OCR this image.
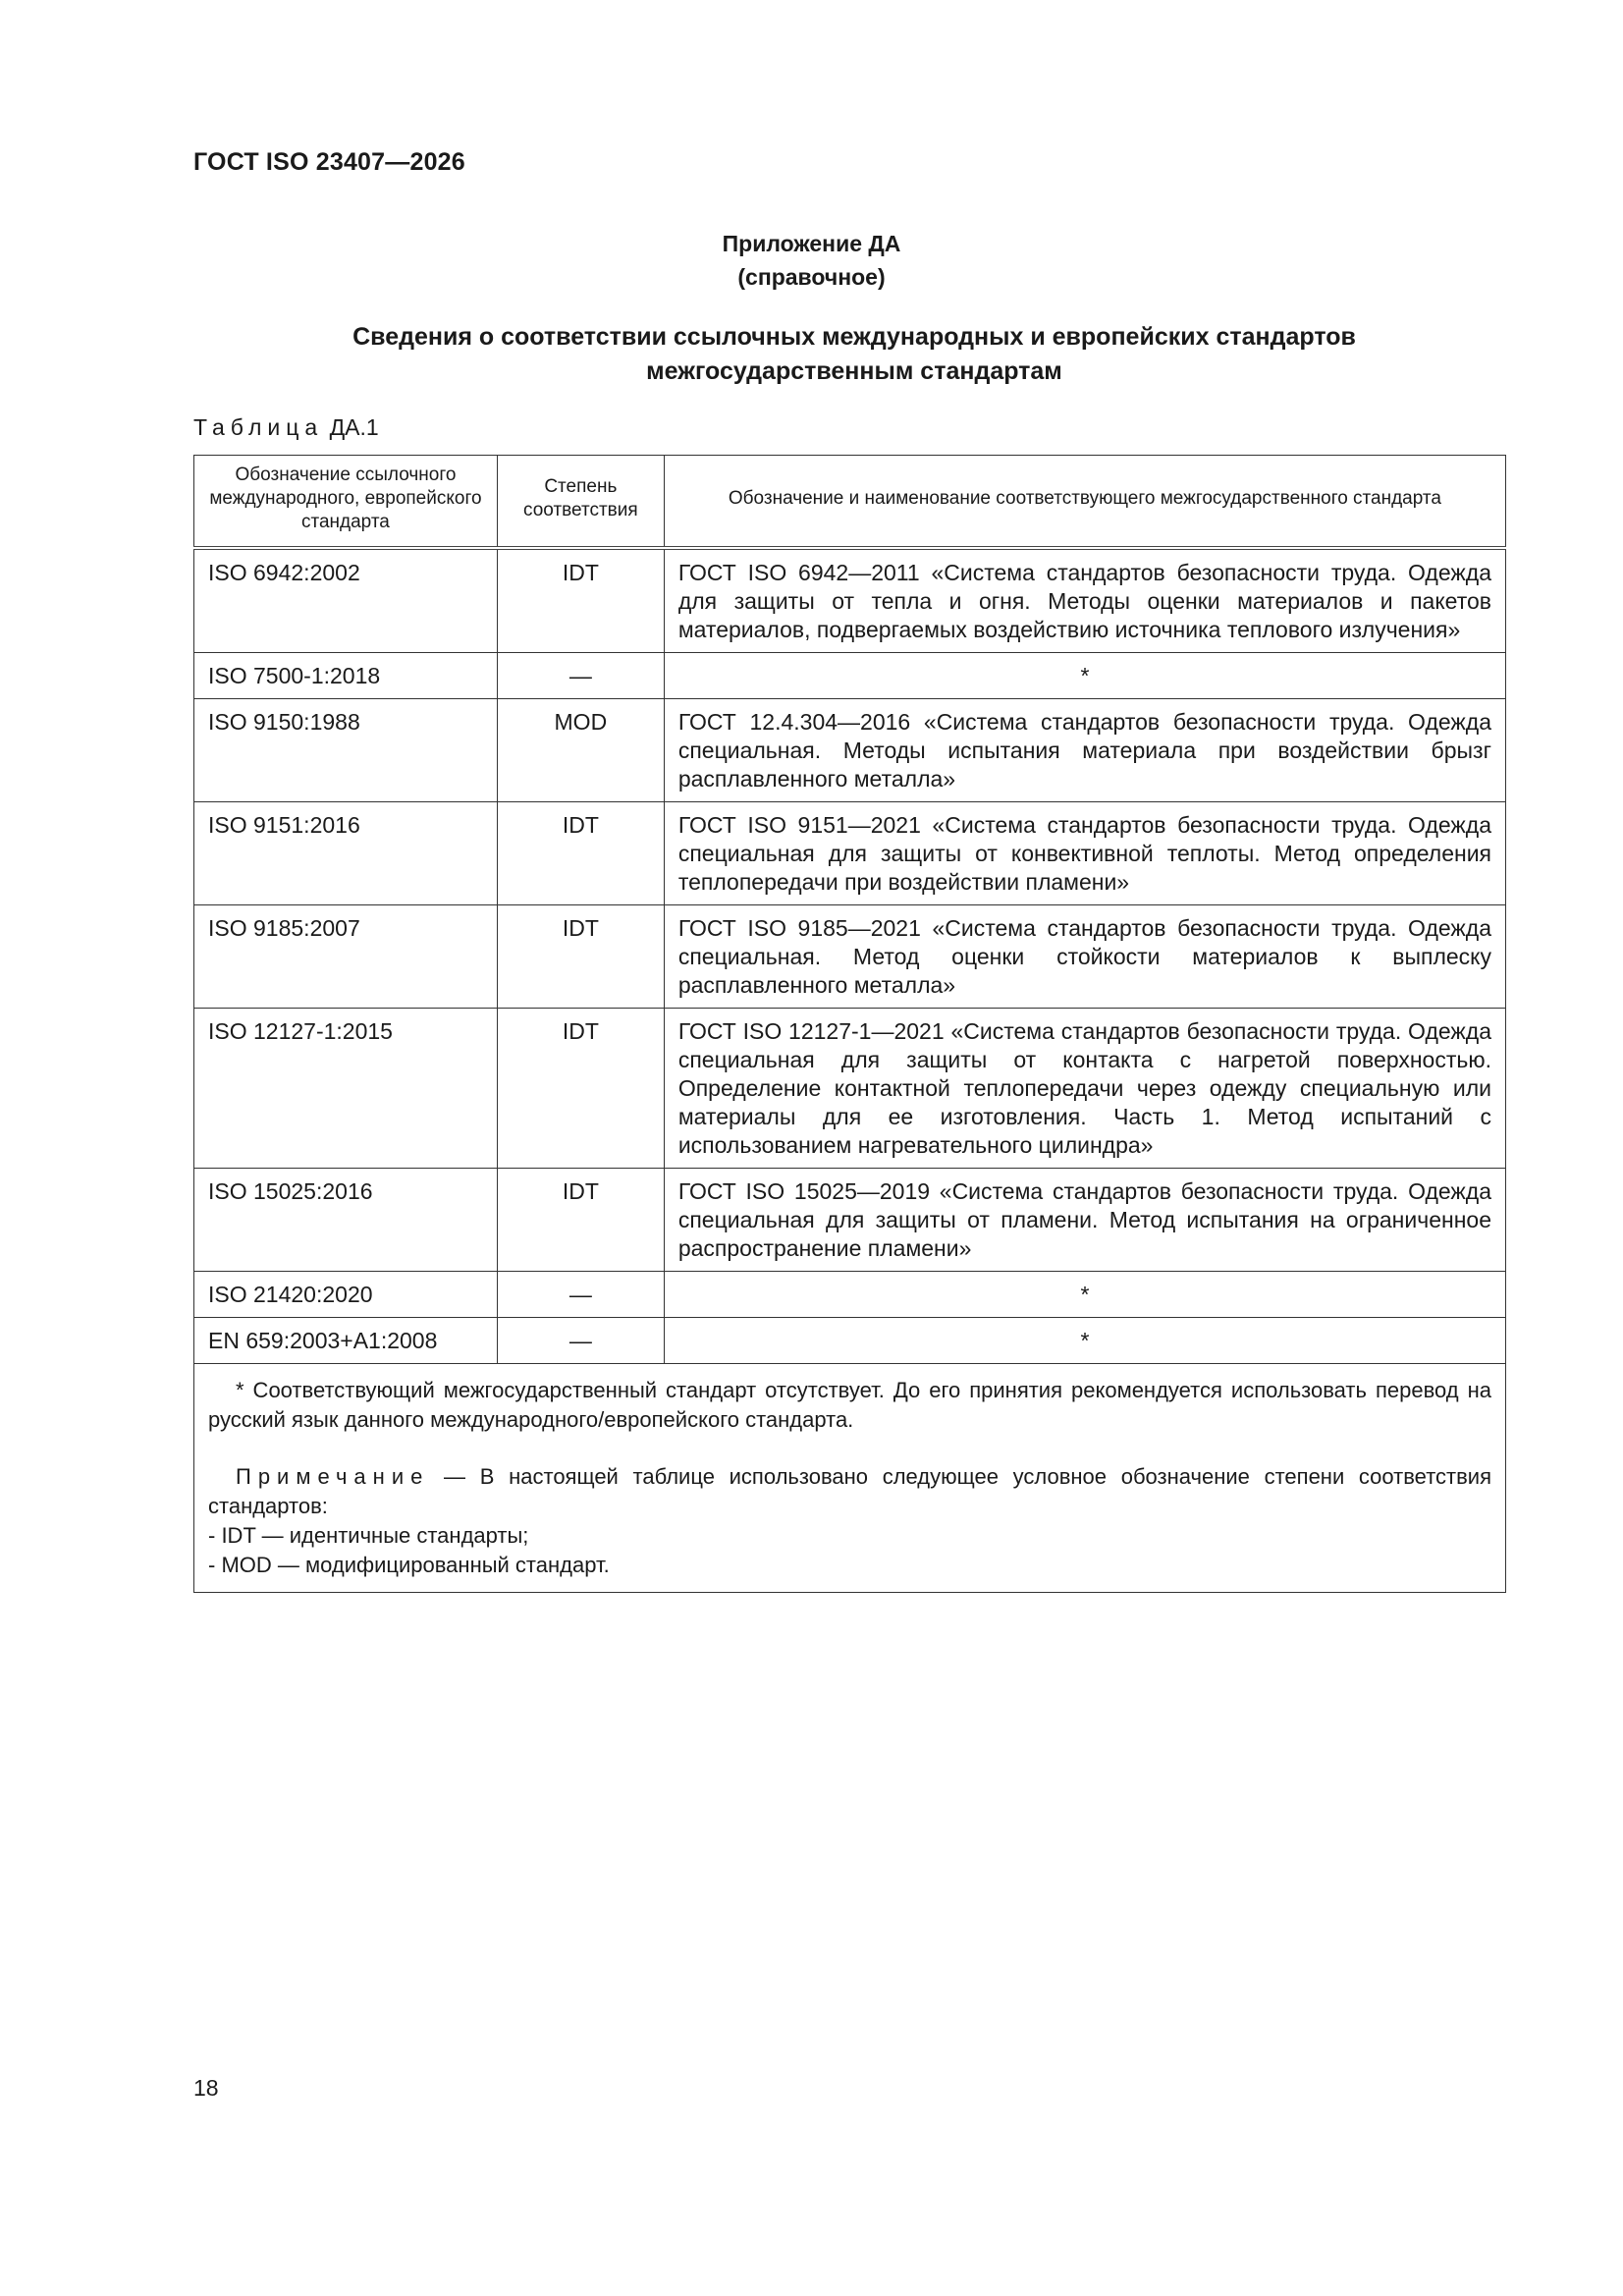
ГОСТ ISO 23407—2026
Приложение ДА
(справочное)
Сведения о соответствии ссылочных международных и европейских стандартов
межгосударственным стандартам
Таблица ДА.1
Обозначение ссылочного международного, европейского стандарта	Степень соответствия	Обозначение и наименование соответствующего межгосударственного стандарта
ISO 6942:2002	IDT	ГОСТ ISO 6942—2011 «Система стандартов безопасности труда. Одежда для защиты от тепла и огня. Методы оценки материалов и пакетов материалов, подвергаемых воздействию источника теплового излучения»
ISO 7500-1:2018	—	*
ISO 9150:1988	MOD	ГОСТ 12.4.304—2016 «Система стандартов безопасности труда. Одежда специальная. Методы испытания материала при воздействии брызг расплавленного металла»
ISO 9151:2016	IDT	ГОСТ ISO 9151—2021 «Система стандартов безопасности труда. Одежда специальная для защиты от конвективной теплоты. Метод определения теплопередачи при воздействии пламени»
ISO 9185:2007	IDT	ГОСТ ISO 9185—2021 «Система стандартов безопасности труда. Одежда специальная. Метод оценки стойкости материалов к выплеску расплавленного металла»
ISO 12127-1:2015	IDT	ГОСТ ISO 12127-1—2021 «Система стандартов безопасности труда. Одежда специальная для защиты от контакта с нагретой поверхностью. Определение контактной теплопередачи через одежду специальную или материалы для ее изготовления. Часть 1. Метод испытаний с использованием нагревательного цилиндра»
ISO 15025:2016	IDT	ГОСТ ISO 15025—2019 «Система стандартов безопасности труда. Одежда специальная для защиты от пламени. Метод испытания на ограниченное распространение пламени»
ISO 21420:2020	—	*
EN 659:2003+A1:2008	—	*

* Соответствующий межгосударственный стандарт отсутствует. До его принятия рекомендуется использовать перевод на русский язык данного международного/европейского стандарта.

Примечание — В настоящей таблице использовано следующее условное обозначение степени соответствия стандартов:

- IDT — идентичные стандарты;

- MOD — модифицированный стандарт.		

18
